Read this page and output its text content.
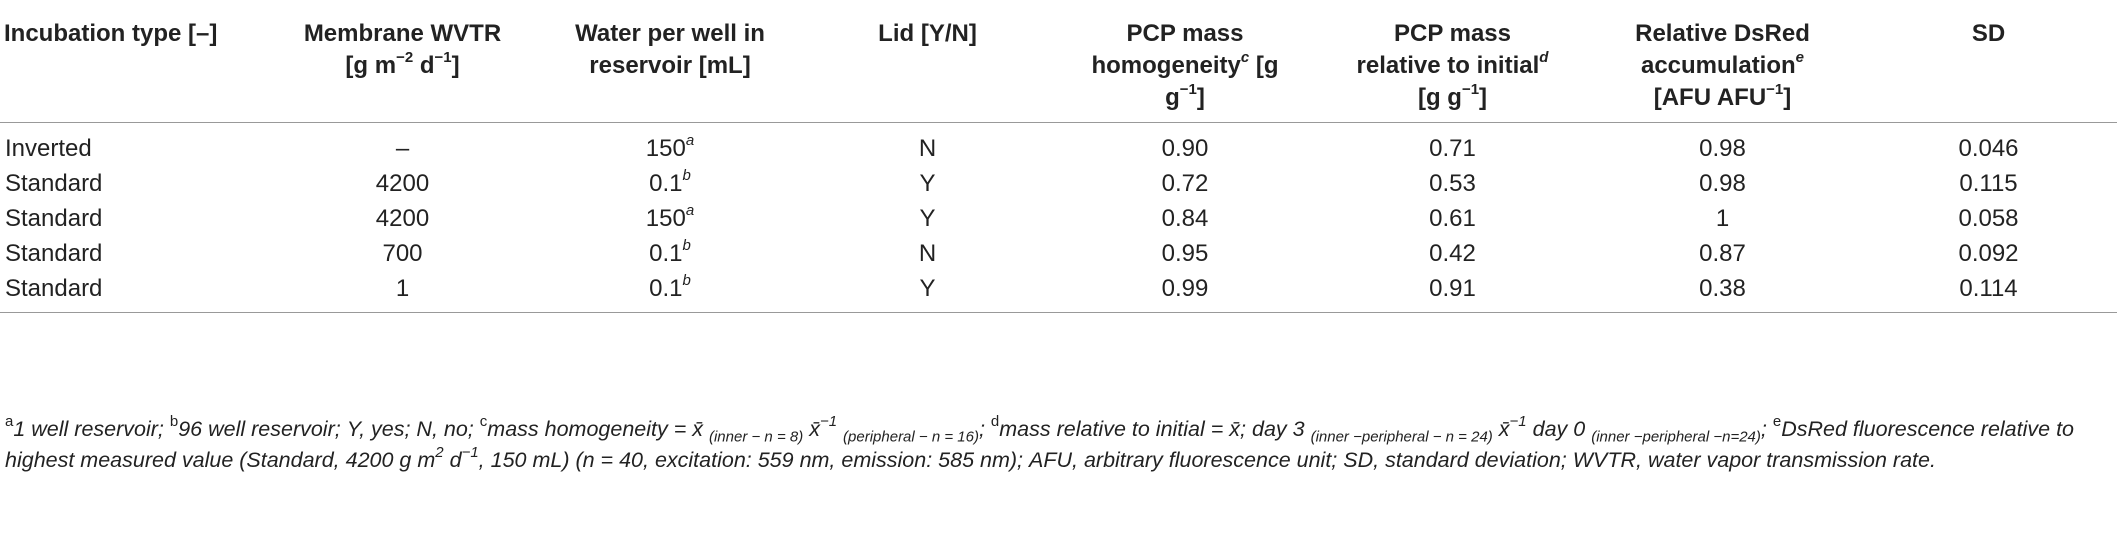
Incubation type [–]	Membrane WVTR
[g $m^{-2}$ $d^{-1}$]	Water per well in
reservoir [mL]	Lid [Y/N]	PCP mass
homogeneity$^c$ [g
$g^{-1}$]	PCP mass
relative to initial$^d$
[g $g^{-1}$]	Relative DsRed
accumulation$^e$
[AFU $AFU^{-1}$]	SD
Inverted	–	150$^a$	N	0.90	0.71	0.98	0.046
Standard	4200	0.1$^b$	Y	0.72	0.53	0.98	0.115
Standard	4200	150$^a$	Y	0.84	0.61	1	0.058
Standard	700	0.1$^b$	N	0.95	0.42	0.87	0.092
Standard	1	0.1$^b$	Y	0.99	0.91	0.38	0.114
$^a$1 well reservoir; $^b$96 well reservoir; Y, yes; N, no; $^c$mass homogeneity = x̄ $_{(inner - n = 8)}$ x̄$^{-1}$ $_{(peripheral - n = 16)}$; $^d$mass relative to initial = x̄; day 3 $_{(inner -peripheral - n = 24)}$ x̄$^{-1}$ day 0 $_{(inner -peripheral -n=24)}$; $^e$DsRed fluorescence relative to highest measured value (Standard, 4200 g $m^2$ $d^{-1}$, 150 mL) (n = 40, excitation: 559 nm, emission: 585 nm); AFU, arbitrary fluorescence unit; SD, standard deviation; WVTR, water vapor transmission rate.
